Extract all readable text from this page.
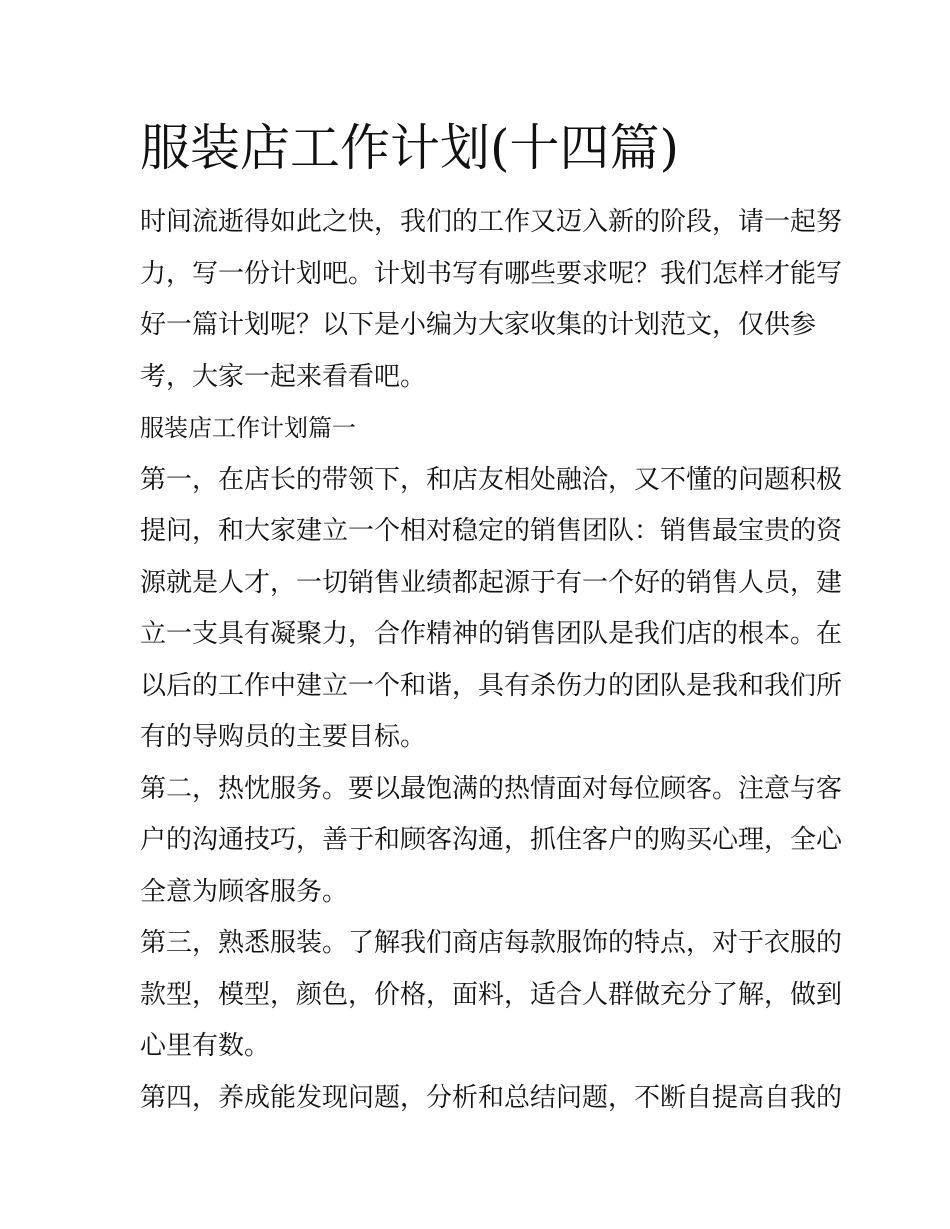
服装店工作计划(十四篇)
时间流逝得如此之快，我们的工作又迈入新的阶段，请一起努
力，写一份计划吧。计划书写有哪些要求呢？我们怎样才能写
好一篇计划呢？以下是小编为大家收集的计划范文，仅供参
考，大家一起来看看吧。
服装店工作计划篇一
第一，在店长的带领下，和店友相处融洽，又不懂的问题积极
提问，和大家建立一个相对稳定的销售团队：销售最宝贵的资
源就是人才，一切销售业绩都起源于有一个好的销售人员，建
立一支具有凝聚力，合作精神的销售团队是我们店的根本。在
以后的工作中建立一个和谐，具有杀伤力的团队是我和我们所
有的导购员的主要目标。
第二，热忱服务。要以最饱满的热情面对每位顾客。注意与客
户的沟通技巧，善于和顾客沟通，抓住客户的购买心理，全心
全意为顾客服务。
第三，熟悉服装。了解我们商店每款服饰的特点，对于衣服的
款型，模型，颜色，价格，面料，适合人群做充分了解，做到
心里有数。
第四，养成能发现问题，分析和总结问题，不断自提高自我的
